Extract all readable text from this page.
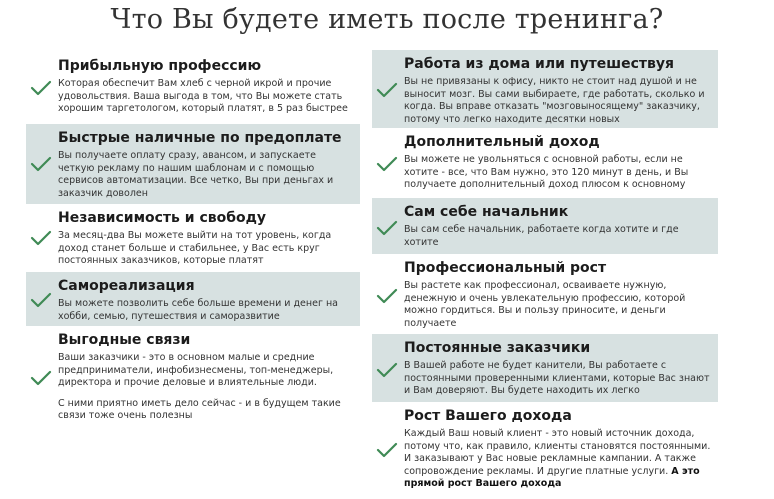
Что Вы будете иметь после тренинга?
Прибыльную профессию

Которая обеспечит Вам хлеб с черной икрой и прочие удовольствия. Ваша выгода в том, что Вы можете стать хорошим таргетологом, который платят, в 5 раз быстрее

Быстрые наличные по предоплате

Вы получаете оплату сразу, авансом, и запускаете четкую рекламу по нашим шаблонам и с помощью сервисов автоматизации. Все четко, Вы при деньгах и заказчик доволен

Независимость и свободу

За месяц-два Вы можете выйти на тот уровень, когда доход станет больше и стабильнее, у Вас есть круг постоянных заказчиков, которые платят

Самореализация

Вы можете позволить себе больше времени и денег на хобби, семью, путешествия и саморазвитие

Выгодные связи

Ваши заказчики - это в основном малые и средние предприниматели, инфобизнесмены, топ-менеджеры, директора и прочие деловые и влиятельные люди.

С ними приятно иметь дело сейчас - и в будущем такие связи тоже очень полезны

Работа из дома или путешествуя

Вы не привязаны к офису, никто не стоит над душой и не выносит мозг. Вы сами выбираете, где работать, сколько и когда. Вы вправе отказать "мозговыносящему" заказчику, потому что легко находите десятки новых

Дополнительный доход

Вы можете не увольняться с основной работы, если не хотите - все, что Вам нужно, это 120 минут в день, и Вы получаете дополнительный доход плюсом к основному

Сам себе начальник

Вы сам себе начальник, работаете когда хотите и где хотите

Профессиональный рост

Вы растете как профессионал, осваиваете нужную, денежную и очень увлекательную профессию, которой можно гордиться. Вы и пользу приносите, и деньги получаете

Постоянные заказчики

В Вашей работе не будет канители, Вы работаете с постоянными проверенными клиентами, которые Вас знают и Вам доверяют. Вы будете находить их легко

Рост Вашего дохода

Каждый Ваш новый клиент - это новый источник дохода, потому что, как правило, клиенты становятся постоянными. И заказывают у Вас новые рекламные кампании. А также сопровождение рекламы. И другие платные услуги. А это прямой рост Вашего дохода
